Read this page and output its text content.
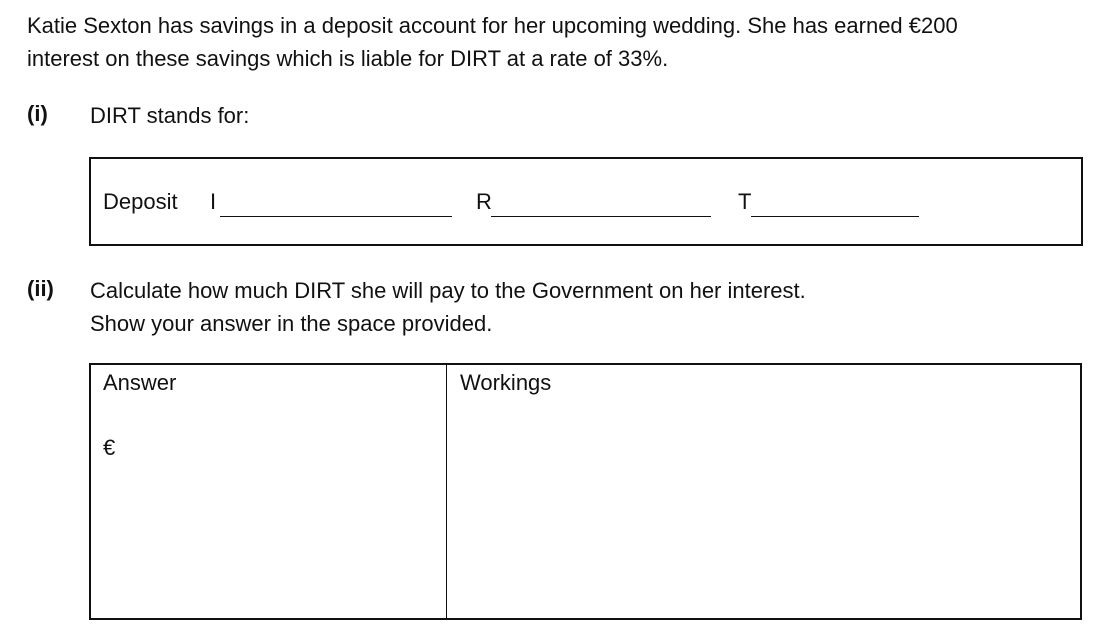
Katie Sexton has savings in a deposit account for her upcoming wedding. She has earned €200
interest on these savings which is liable for DIRT at a rate of 33%.
(i) DIRT stands for:
Deposit I	R	T
(ii) Calculate how much DIRT she will pay to the Government on her interest.
Show your answer in the space provided.
Answer
€
Workings
